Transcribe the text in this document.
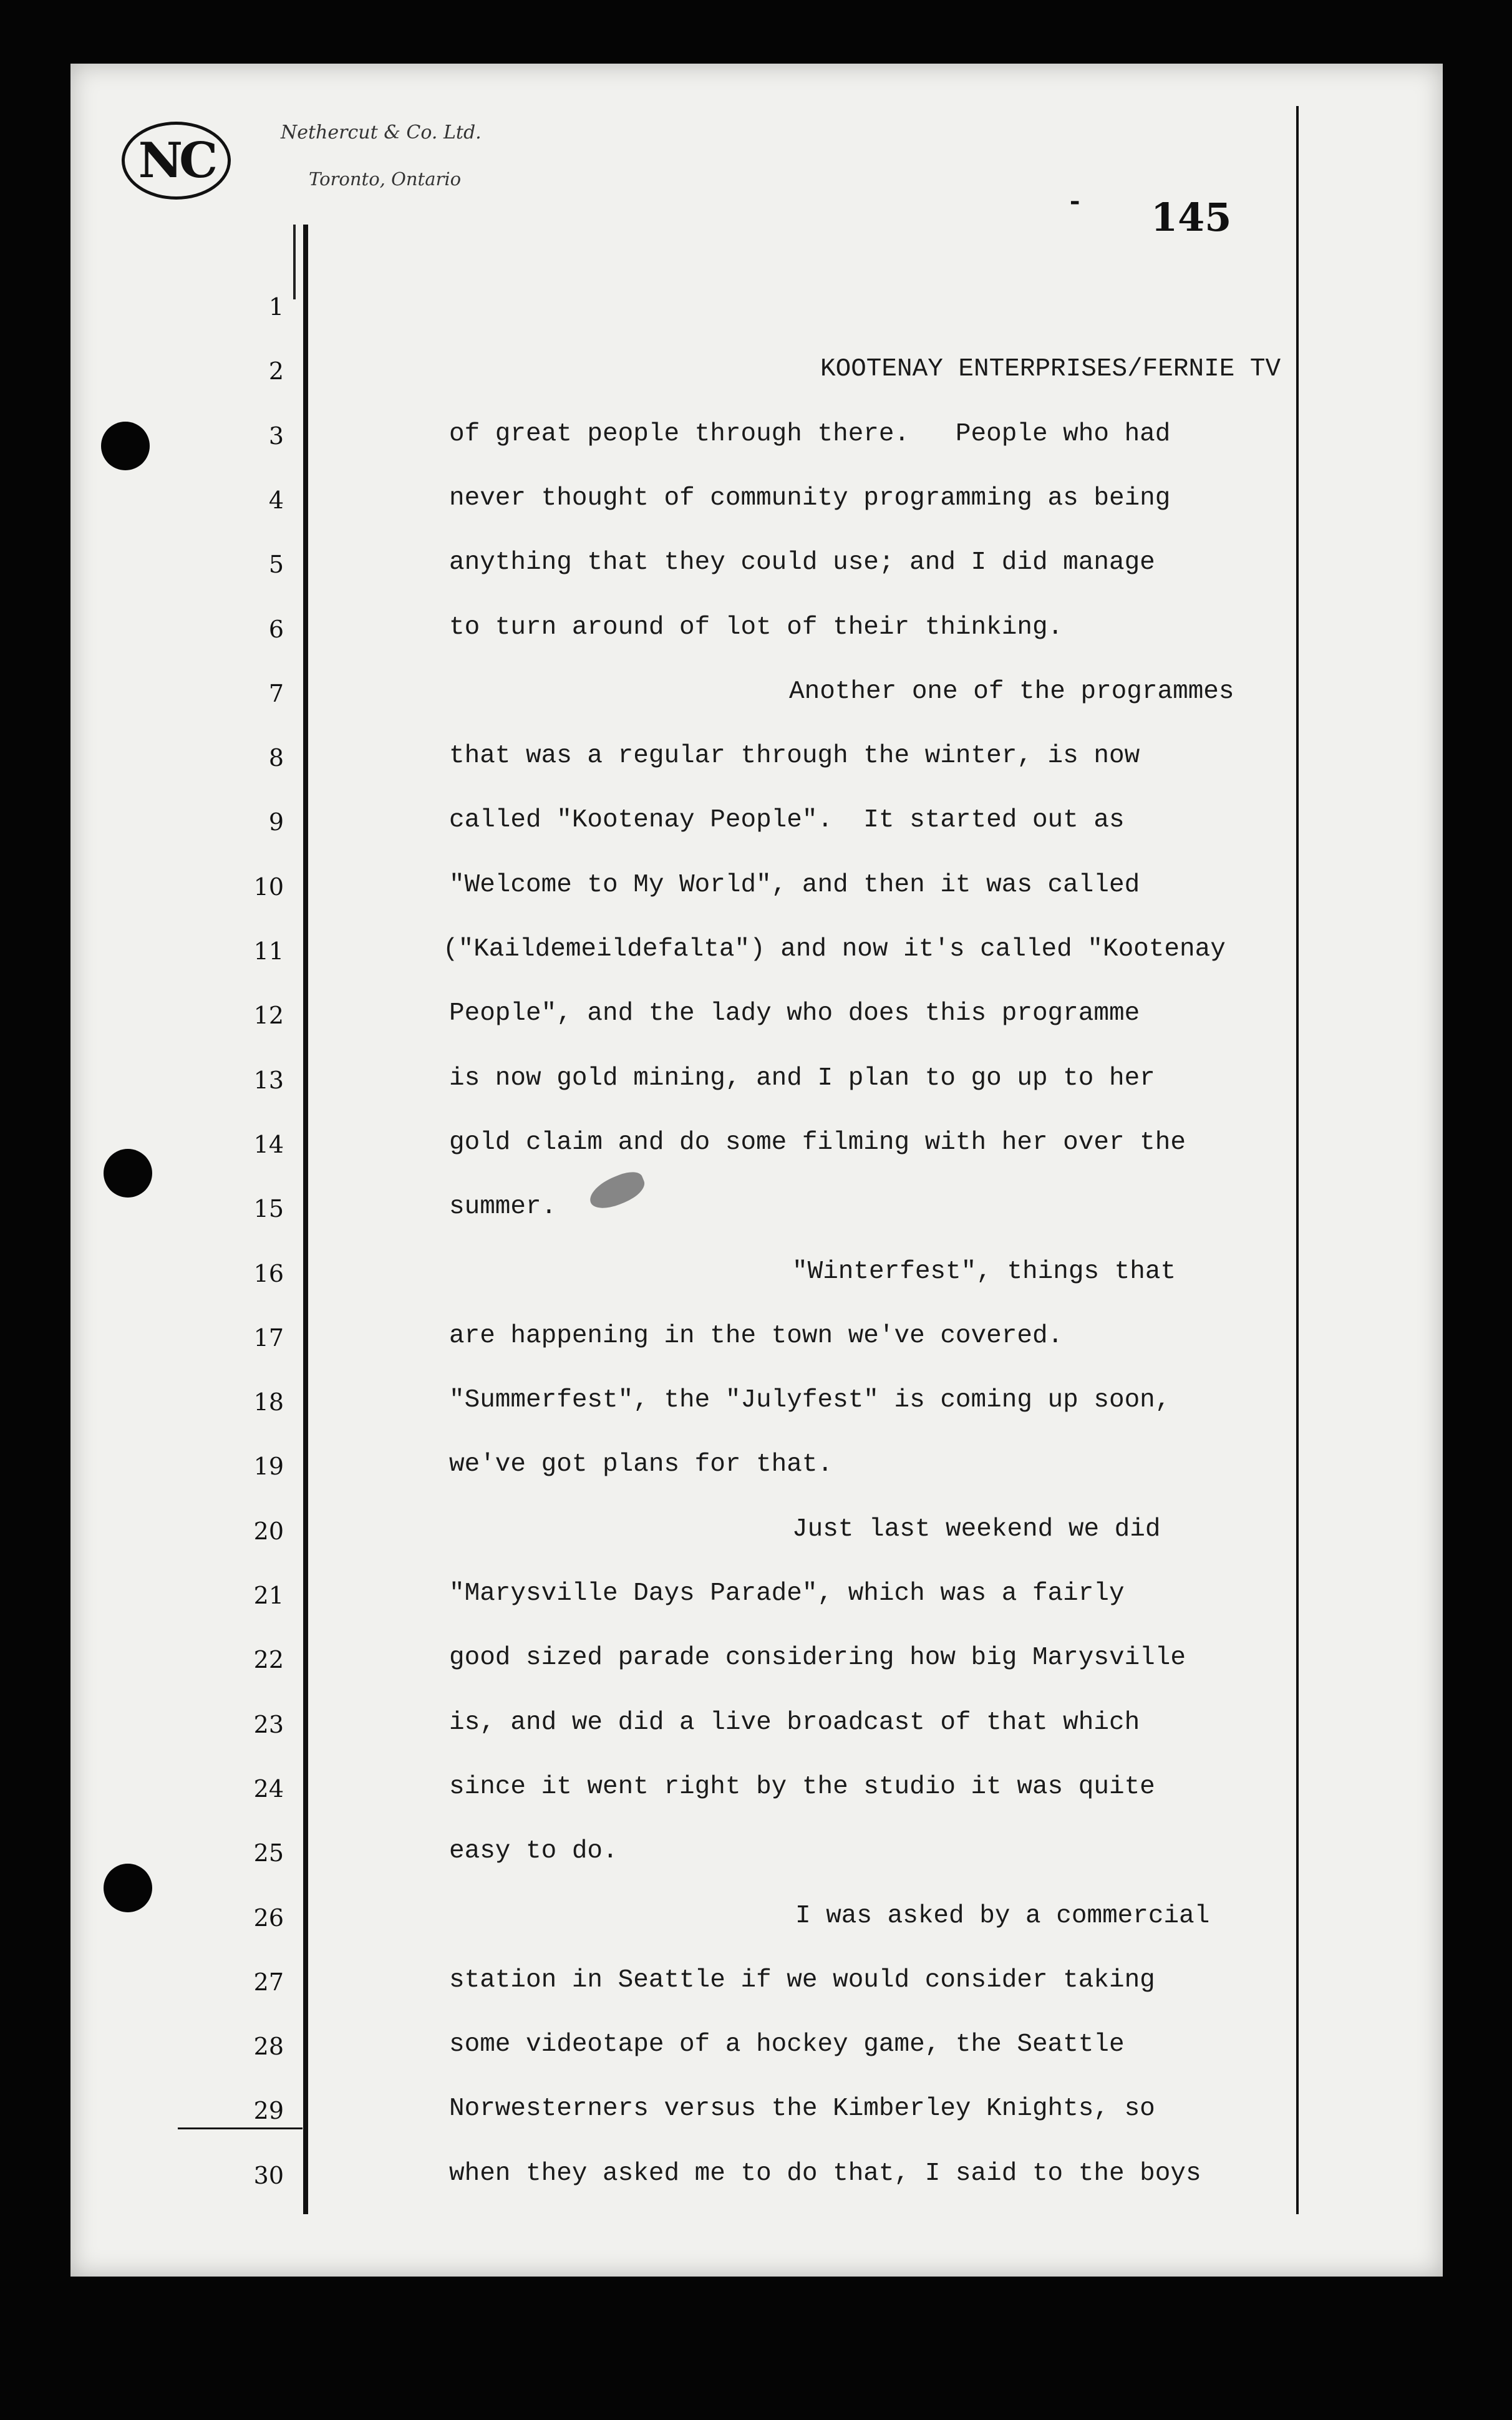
NC	Nethercut & Co. Ltd.
Toronto, Ontario
- 145
1
2
3
4
5
6
7
8
9
10
11
12
13
14
15
16
17
18
19
20
21
22
23
24
25
26
27
28
29
30
KOOTENAY ENTERPRISES/FERNIE TV
of great people through there.   People who had
never thought of community programming as being
anything that they could use; and I did manage
to turn around of lot of their thinking.
Another one of the programmes
that was a regular through the winter, is now
called "Kootenay People".  It started out as
"Welcome to My World", and then it was called
("Kaildemeildefalta") and now it's called "Kootenay
People", and the lady who does this programme
is now gold mining, and I plan to go up to her
gold claim and do some filming with her over the
summer.
"Winterfest", things that
are happening in the town we've covered.
"Summerfest", the "Julyfest" is coming up soon,
we've got plans for that.
Just last weekend we did
"Marysville Days Parade", which was a fairly
good sized parade considering how big Marysville
is, and we did a live broadcast of that which
since it went right by the studio it was quite
easy to do.
I was asked by a commercial
station in Seattle if we would consider taking
some videotape of a hockey game, the Seattle
Norwesterners versus the Kimberley Knights, so
when they asked me to do that, I said to the boys
